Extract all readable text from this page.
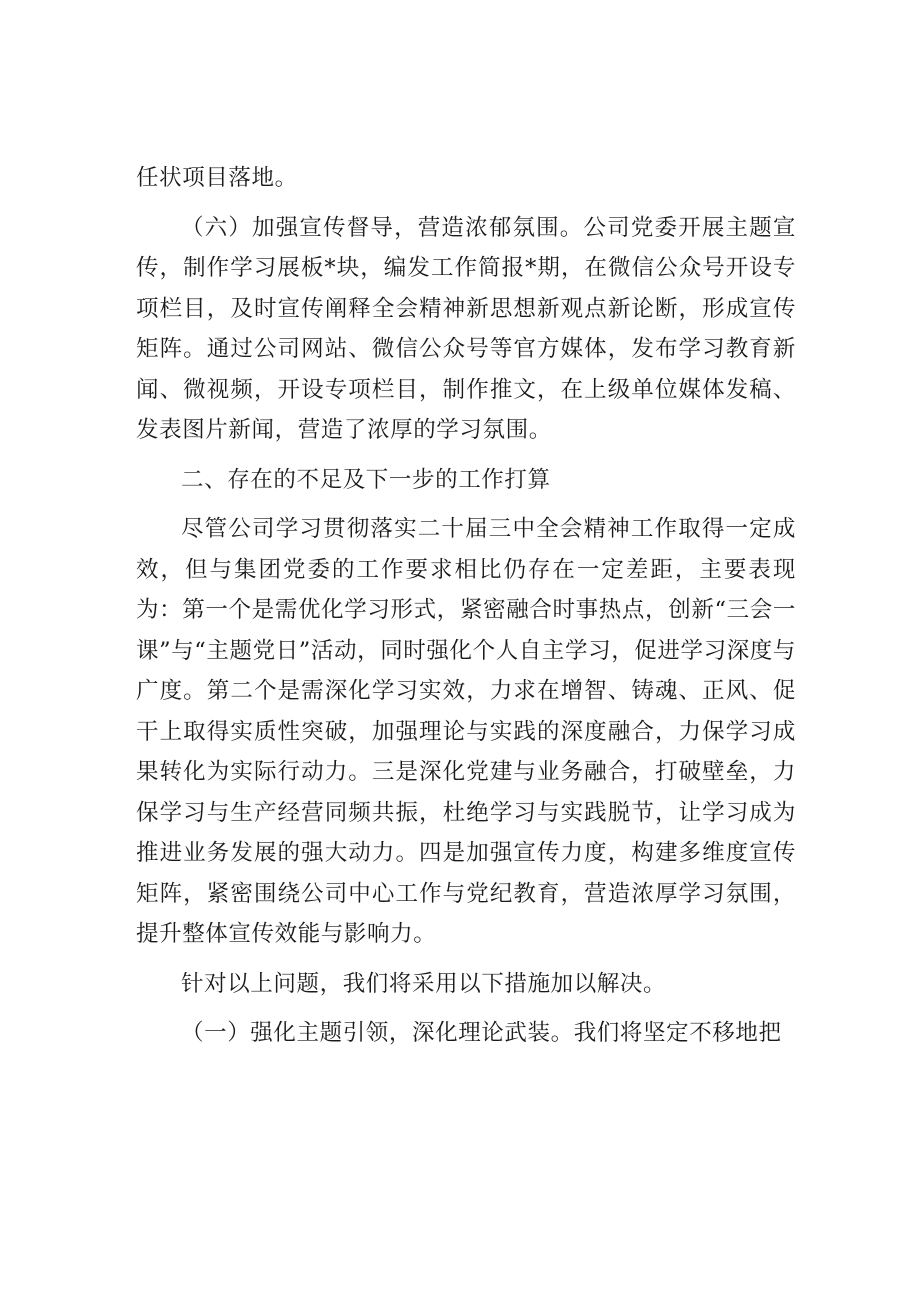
任状项目落地。

（六）加强宣传督导，营造浓郁氛围。公司党委开展主题宣传，制作学习展板*块，编发工作简报*期，在微信公众号开设专项栏目，及时宣传阐释全会精神新思想新观点新论断，形成宣传矩阵。通过公司网站、微信公众号等官方媒体，发布学习教育新闻、微视频，开设专项栏目，制作推文，在上级单位媒体发稿、发表图片新闻，营造了浓厚的学习氛围。

二、存在的不足及下一步的工作打算

尽管公司学习贯彻落实二十届三中全会精神工作取得一定成效，但与集团党委的工作要求相比仍存在一定差距，主要表现为：第一个是需优化学习形式，紧密融合时事热点，创新“三会一课”与“主题党日”活动，同时强化个人自主学习，促进学习深度与广度。第二个是需深化学习实效，力求在增智、铸魂、正风、促干上取得实质性突破，加强理论与实践的深度融合，力保学习成果转化为实际行动力。三是深化党建与业务融合，打破壁垒，力保学习与生产经营同频共振，杜绝学习与实践脱节，让学习成为推进业务发展的强大动力。四是加强宣传力度，构建多维度宣传矩阵，紧密围绕公司中心工作与党纪教育，营造浓厚学习氛围，提升整体宣传效能与影响力。

针对以上问题，我们将采用以下措施加以解决。

（一）强化主题引领，深化理论武装。我们将坚定不移地把
